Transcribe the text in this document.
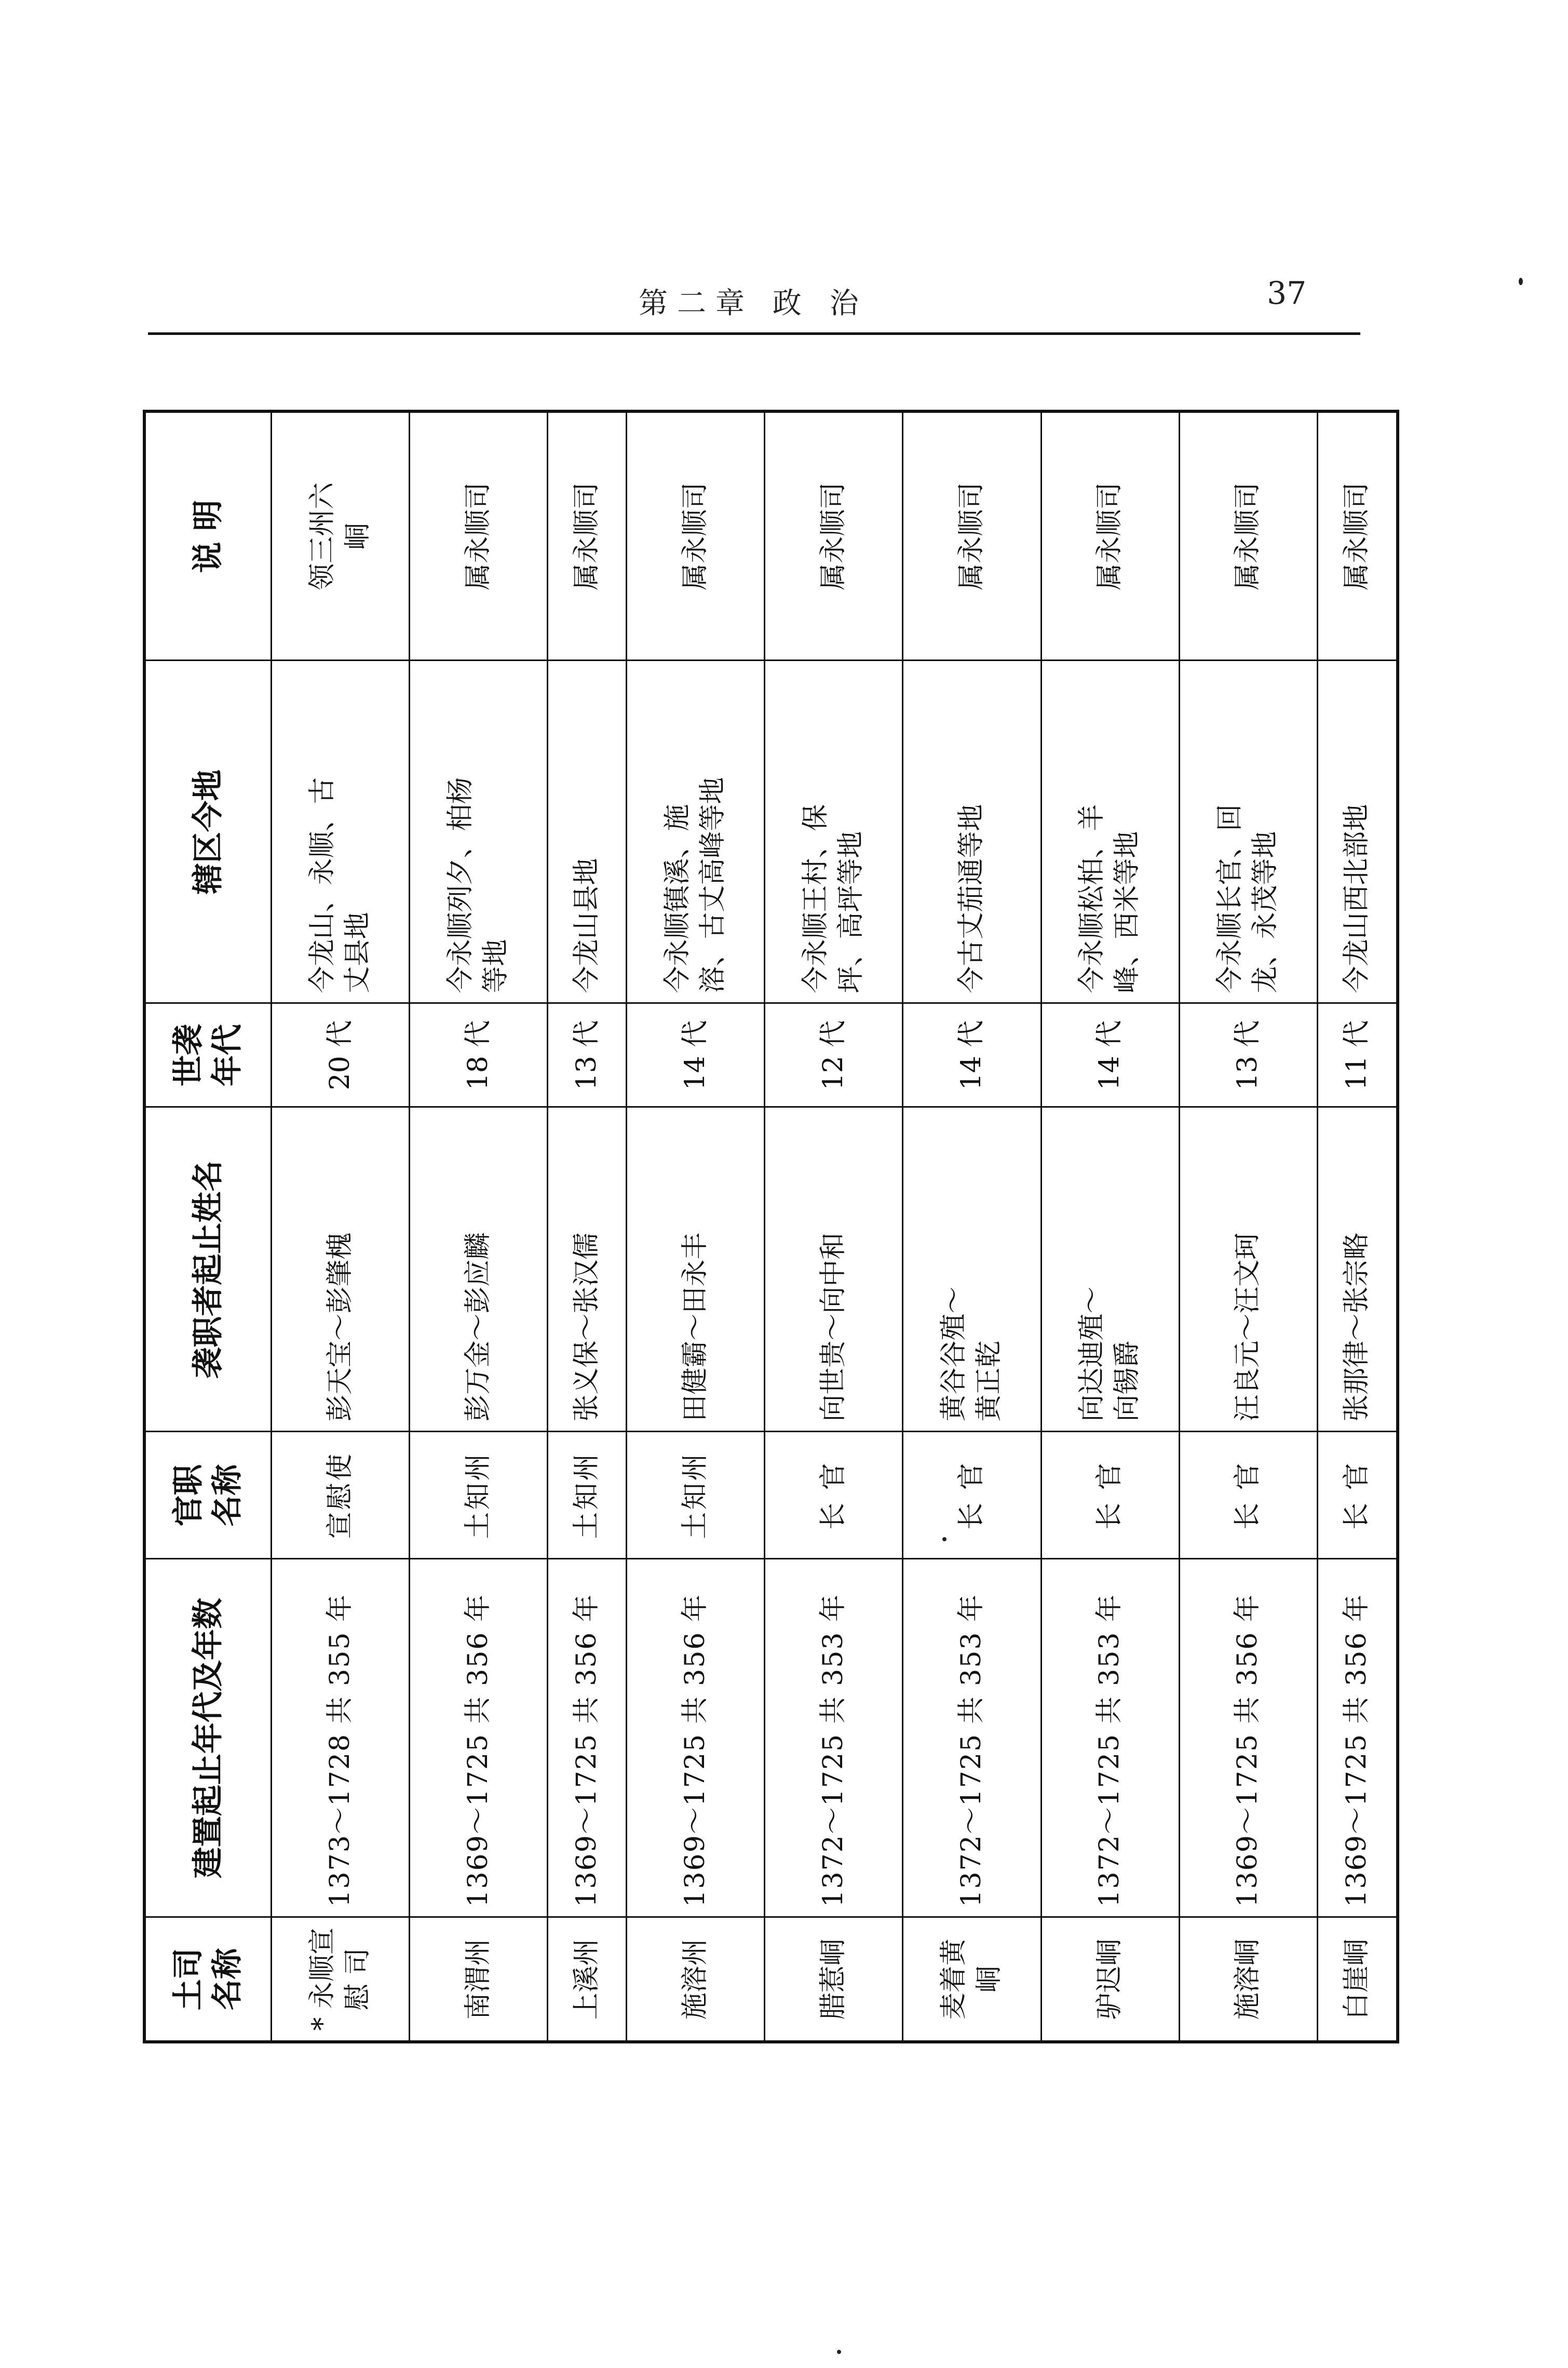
第二章 政 治	37
土司 名称	建置起止年代及年数	官职 名称	袭职者起止姓名	世袭 年代	辖区今地	说 明

* 永顺宣 慰 司	1373～1728 共 355 年	宣慰使	彭天宝～彭肇槐	20 代	今龙山、永顺、古 丈县地	领三州六 峒

南渭州	1369～1725 共 356 年	土知州	彭万金～彭应麟	18 代	今永顺列夕、柏杨 等地	属永顺司

上溪州	1369～1725 共 356 年	土知州	张义保～张汉儒	13 代	今龙山县地	属永顺司

施溶州	1369～1725 共 356 年	土知州	田健霸～田永丰	14 代	今永顺镇溪、施 溶、古丈高峰等地	属永顺司

腊惹峒	1372～1725 共 353 年	长 官	向世贵～向中和	12 代	今永顺王村、保 坪、高坪等地	属永顺司

麦着黄峒	1372～1725 共 353 年	长 官	黄谷谷殖～ 黄正乾	14 代	今古丈茄通等地	属永顺司

驴迟峒	1372～1725 共 353 年	长 官	向达迪殖～ 向锡爵	14 代	今永顺松柏、羊 峰、西米等地	属永顺司

施溶峒	1369～1725 共 356 年	长 官	汪良元～汪文珂	13 代	今永顺长官、回 龙、永茂等地	属永顺司

白崖峒	1369～1725 共 356 年	长 官	张那律～张宗略	11 代	今龙山西北部地	属永顺司
